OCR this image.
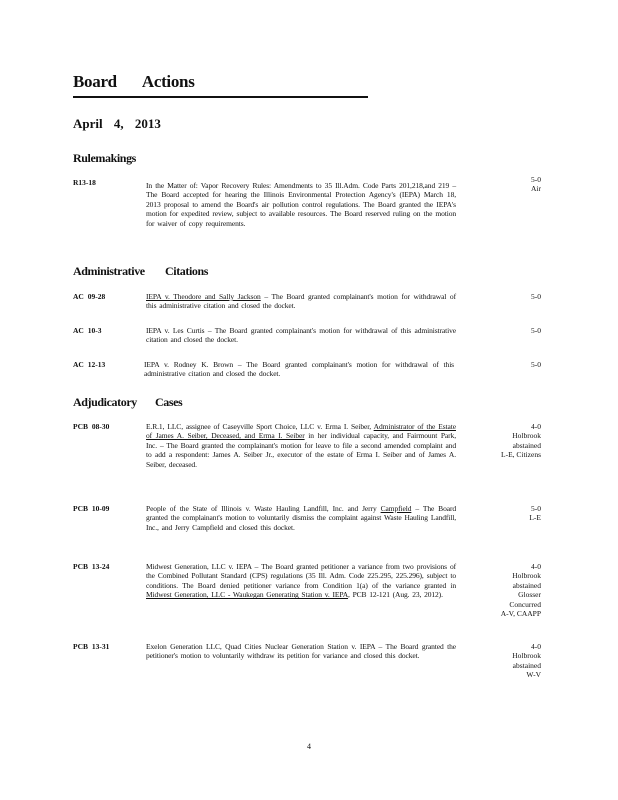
Board Actions
April 4, 2013
Rulemakings
R13-18	In the Matter of: Vapor Recovery Rules: Amendments to 35 Ill.Adm. Code Parts 201,218,and 219 – The Board accepted for hearing the Illinois Environmental Protection Agency's (IEPA) March 18, 2013 proposal to amend the Board's air pollution control regulations. The Board granted the IEPA's motion for expedited review, subject to available resources. The Board reserved ruling on the motion for waiver of copy requirements.
5-0
Air
Administrative Citations
AC 09-28	IEPA v. Theodore and Sally Jackson – The Board granted complainant's motion for withdrawal of this administrative citation and closed the docket.
5-0
AC 10-3	IEPA v. Les Curtis – The Board granted complainant's motion for withdrawal of this administrative citation and closed the docket.
5-0
AC 12-13	IEPA v. Rodney K. Brown – The Board granted complainant's motion for withdrawal of this administrative citation and closed the docket.
5-0
Adjudicatory Cases
PCB 08-30	E.R.1, LLC, assignee of Caseyville Sport Choice, LLC v. Erma I. Seiber, Administrator of the Estate of James A. Seiber, Deceased, and Erma I. Seiber in her individual capacity, and Fairmount Park, Inc. – The Board granted the complainant's motion for leave to file a second amended complaint and to add a respondent: James A. Seiber Jr., executor of the estate of Erma I. Seiber and of James A. Seiber, deceased.
4-0
Holbrook
abstained
L-E, Citizens
PCB 10-09	People of the State of Illinois v. Waste Hauling Landfill, Inc. and Jerry Campfield – The Board granted the complainant's motion to voluntarily dismiss the complaint against Waste Hauling Landfill, Inc., and Jerry Campfield and closed this docket.
5-0
L-E
PCB 13-24	Midwest Generation, LLC v. IEPA – The Board granted petitioner a variance from two provisions of the Combined Pollutant Standard (CPS) regulations (35 Ill. Adm. Code 225.295, 225.296), subject to conditions. The Board denied petitioner variance from Condition 1(a) of the variance granted in Midwest Generation, LLC - Waukegan Generating Station v. IEPA, PCB 12-121 (Aug. 23, 2012).
4-0
Holbrook
abstained
Glosser
Concurred
A-V, CAAPP
PCB 13-31	Exelon Generation LLC, Quad Cities Nuclear Generation Station v. IEPA – The Board granted the petitioner's motion to voluntarily withdraw its petition for variance and closed this docket.
4-0
Holbrook
abstained
W-V
4
